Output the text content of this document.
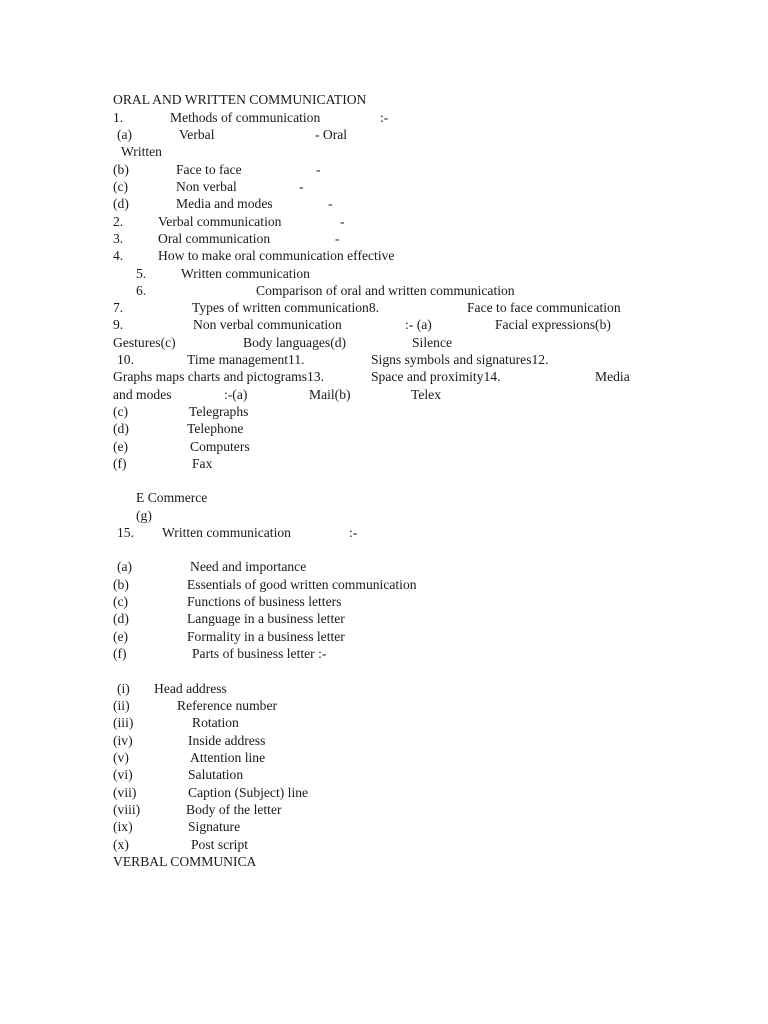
ORAL AND WRITTEN COMMUNICATION
1.	Methods of communication	:-
(a)	Verbal	- Oral
Written
(b)	Face to face	-
(c)	Non verbal	-
(d)	Media and modes	-
2.	Verbal communication	-
3.	Oral communication	-
4.	How to make oral communication effective
5.	Written communication
6.	Comparison of oral and written communication
7.	Types of written communication8.	Face to face communication
9.	Non verbal communication	:- (a)	Facial expressions(b)
Gestures(c)	Body languages(d)	Silence
10.	Time management11.	Signs symbols and signatures12.
Graphs maps charts and pictograms13.	Space and proximity14.	Media
and modes	:-(a)	Mail(b)	Telex
(c)	Telegraphs
(d)	Telephone
(e)	Computers
(f)	Fax
E Commerce
(g)
15. Written communication	:-
(a)	Need and importance
(b)	Essentials of good written communication
(c)	Functions of business letters
(d)	Language in a business letter
(e)	Formality in a business letter
(f)	Parts of business letter :-
(i) Head address
(ii)	Reference number
(iii)	Rotation
(iv)	Inside address
(v)	Attention line
(vi)	Salutation
(vii)	Caption (Subject) line
(viii)	Body of the letter
(ix)	Signature
(x)	Post script
VERBAL COMMUNICA
